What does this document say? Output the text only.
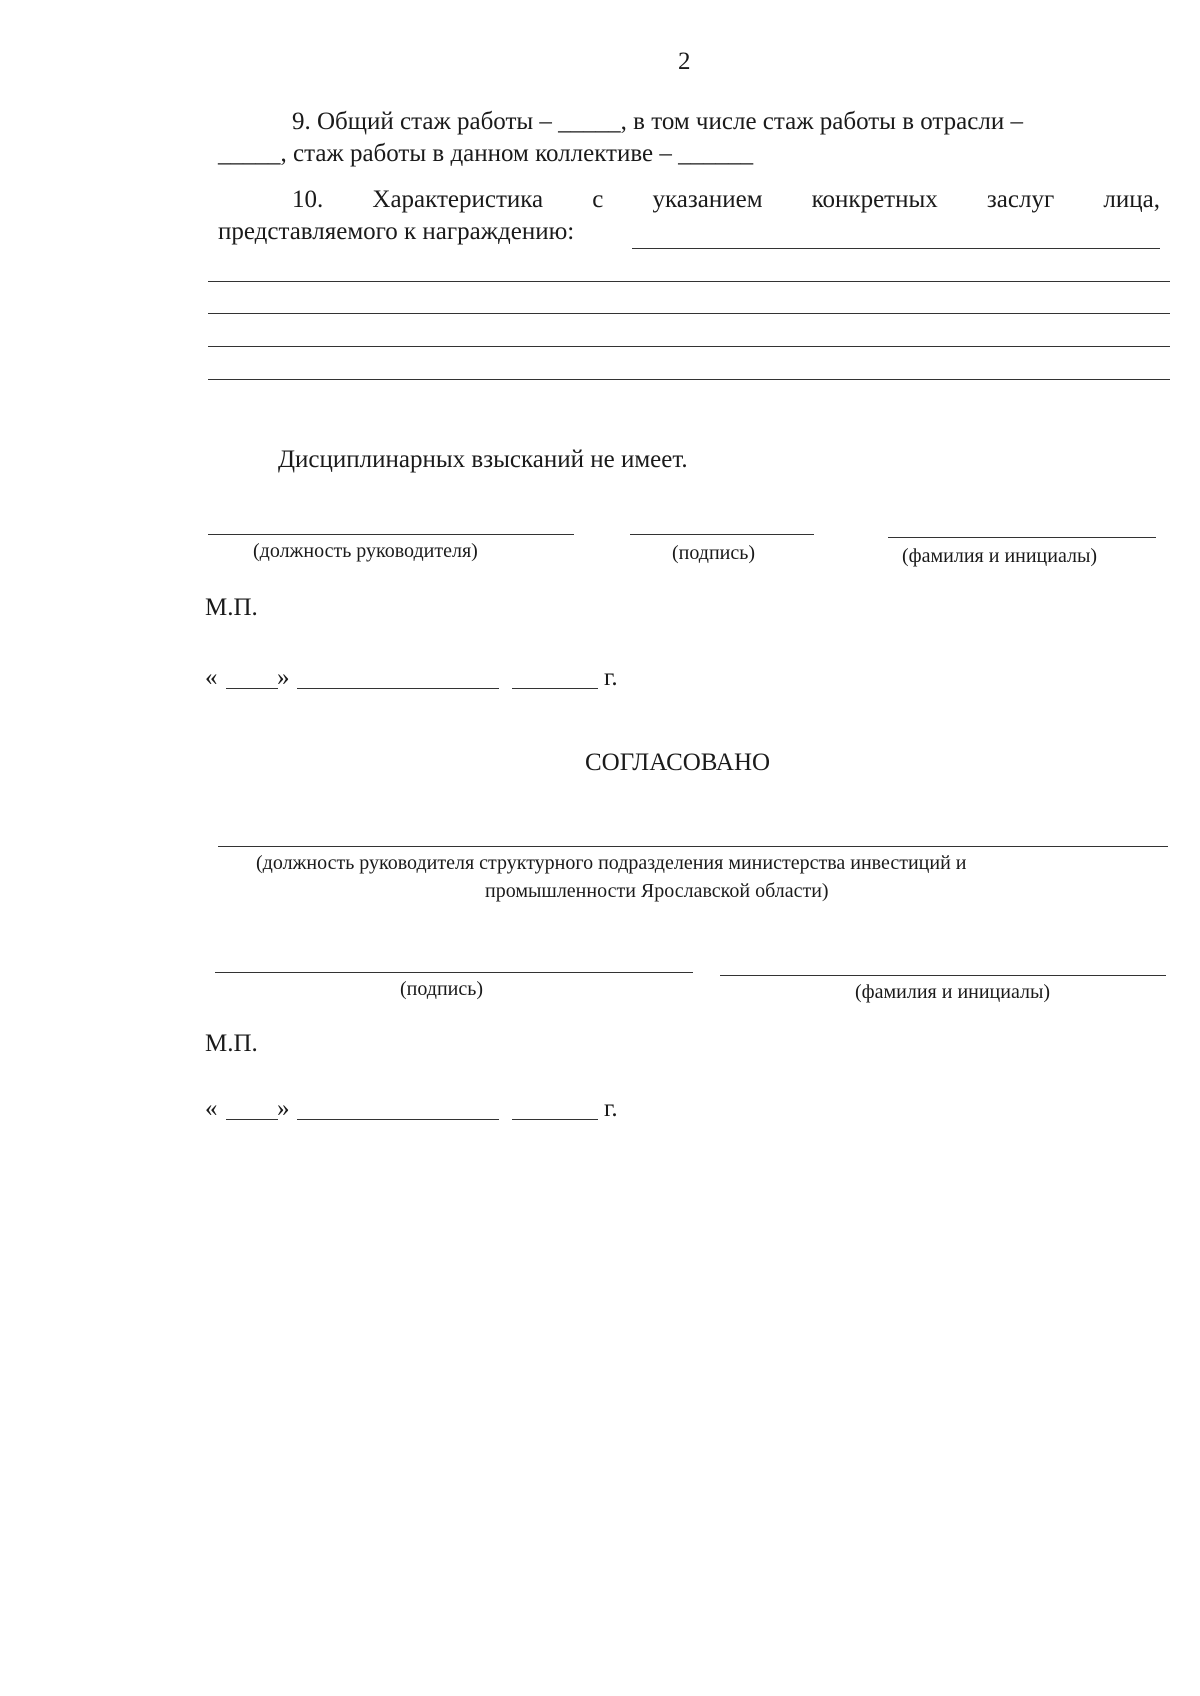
2
9. Общий стаж работы – _____, в том числе стаж работы в отрасли –
_____, стаж работы в данном коллективе – ______
10. Характеристика с указанием конкретных заслуг лица,
представляемого к награждению:
Дисциплинарных взысканий не имеет.
(должность руководителя)	(подпись)	(фамилия и инициалы)
М.П.
« »	г.
СОГЛАСОВАНО
(должность руководителя структурного подразделения министерства инвестиций и
промышленности Ярославской области)
(подпись)	(фамилия и инициалы)
М.П.
« »	г.
